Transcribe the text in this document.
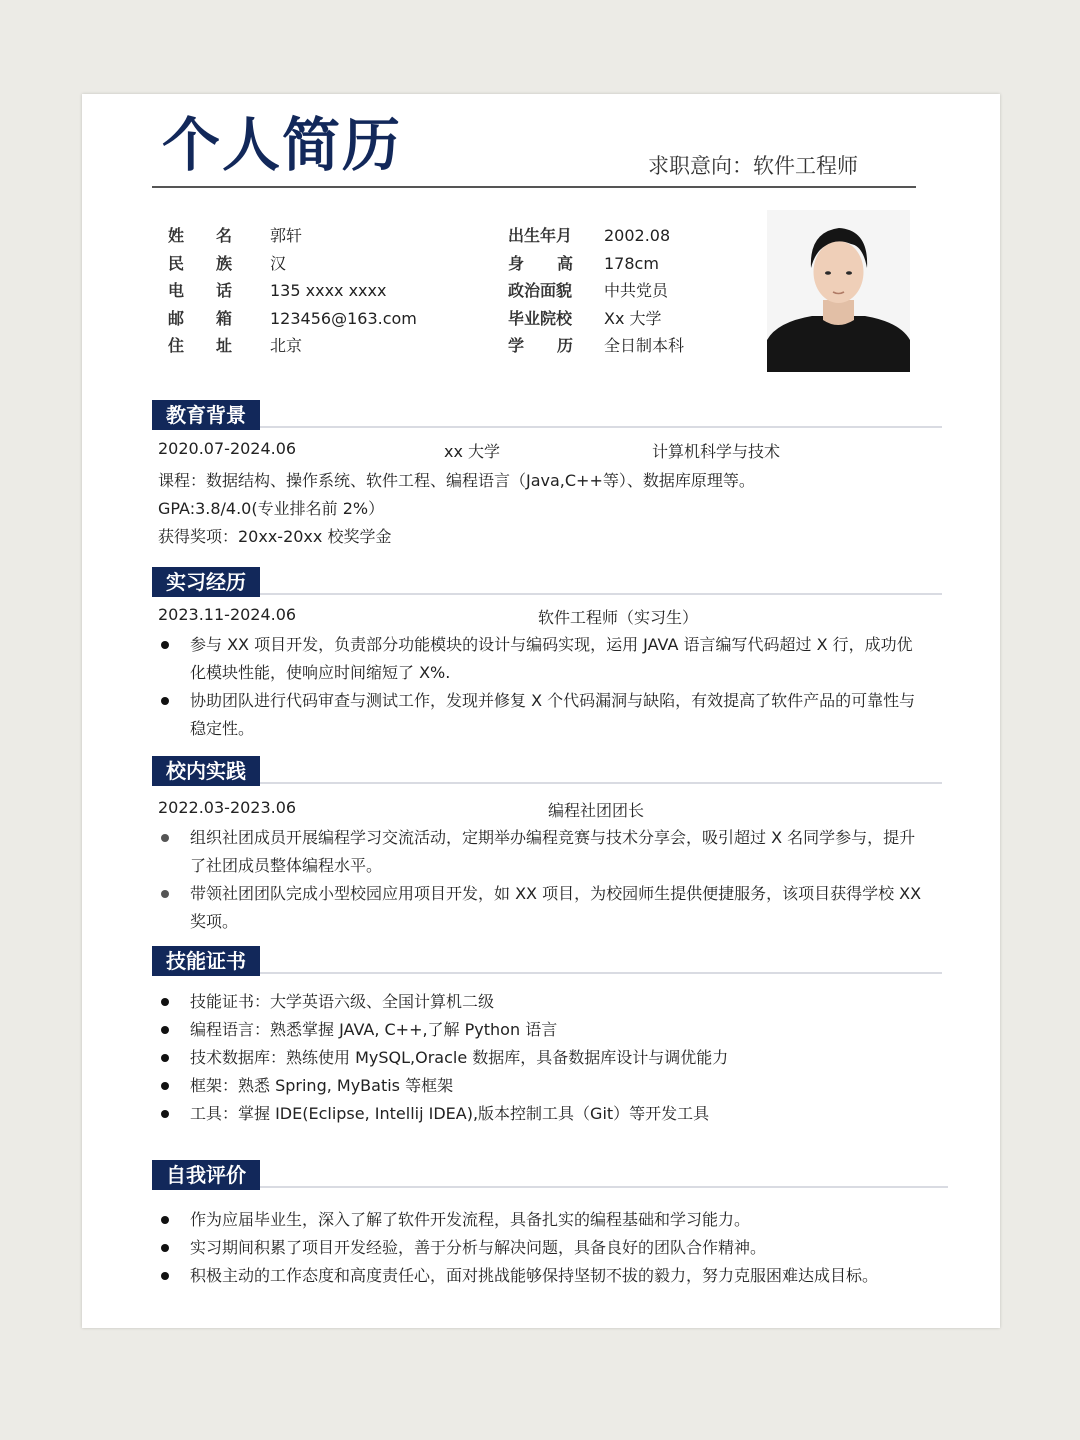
个人简历	求职意向：软件工程师
姓名 郭轩
民族 汉
电话 135 xxxx xxxx
邮箱 123456@163.com
住址 北京
出生年月 2002.08
身高178cm
政治面貌 中共党员
毕业院校 Xx 大学
学历全日制本科
教育背景
2020.07-2024.06	xx 大学	计算机科学与技术
课程：数据结构、操作系统、软件工程、编程语言（Java,C++等）、数据库原理等。
GPA:3.8/4.0(专业排名前 2%）
获得奖项：20xx-20xx 校奖学金
实习经历
2023.11-2024.06	软件工程师（实习生）
参与 XX 项目开发，负责部分功能模块的设计与编码实现，运用 JAVA 语言编写代码超过 X 行，成功优化模块性能，使响应时间缩短了 X%.
协助团队进行代码审查与测试工作，发现并修复 X 个代码漏洞与缺陷，有效提高了软件产品的可靠性与稳定性。
校内实践
2022.03-2023.06	编程社团团长
组织社团成员开展编程学习交流活动，定期举办编程竞赛与技术分享会，吸引超过 X 名同学参与，提升了社团成员整体编程水平。
带领社团团队完成小型校园应用项目开发，如 XX 项目，为校园师生提供便捷服务，该项目获得学校 XX 奖项。
技能证书
技能证书：大学英语六级、全国计算机二级
编程语言：熟悉掌握 JAVA, C++,了解 Python 语言
技术数据库：熟练使用 MySQL,Oracle 数据库，具备数据库设计与调优能力
框架：熟悉 Spring, MyBatis 等框架
工具：掌握 IDE(Eclipse, Intellij IDEA),版本控制工具（Git）等开发工具
自我评价
作为应届毕业生，深入了解了软件开发流程，具备扎实的编程基础和学习能力。
实习期间积累了项目开发经验，善于分析与解决问题，具备良好的团队合作精神。
积极主动的工作态度和高度责任心，面对挑战能够保持坚韧不拔的毅力，努力克服困难达成目标。
